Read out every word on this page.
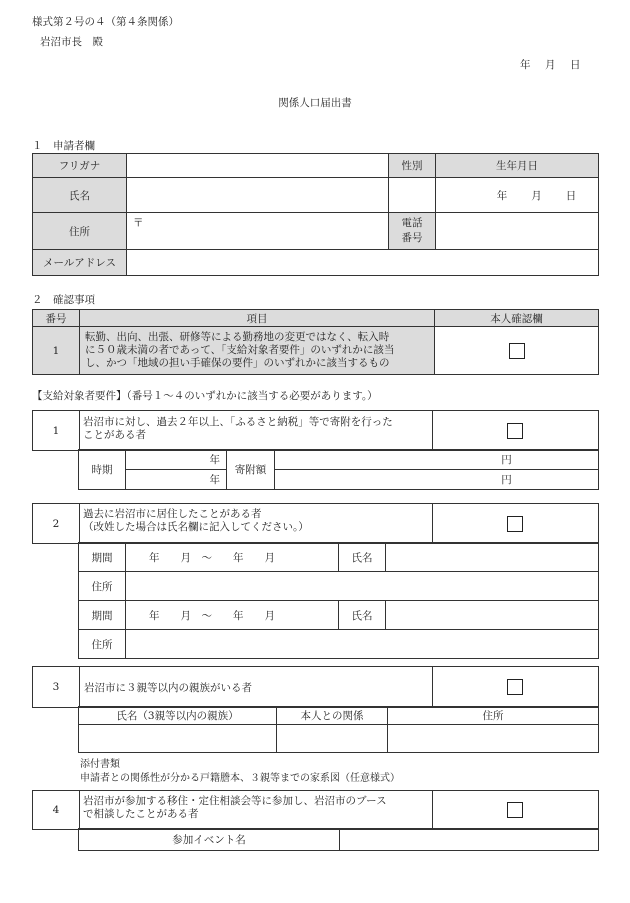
様式第２号の４（第４条関係）
岩沼市長　殿
年　月　日
関係人口届出書
１　申請者欄
フリガナ		性別	生年月日

氏名			年　　月　　日

住所	〒	電話
番号	

メールアドレス			

２　確認事項
番号	項目	本人確認欄

1	転勤、出向、出張、研修等による勤務地の変更ではなく、転入時
に５０歳未満の者であって、「支給対象者要件」のいずれかに該当
し、かつ「地域の担い手確保の要件」のいずれかに該当するもの	

【支給対象者要件】（番号１～４のいずれかに該当する必要があります。）
1
岩沼市に対し、過去２年以上、「ふるさと納税」等で寄附を行った
ことがある者
時期	年	寄附額	円

	年		円
2
過去に岩沼市に居住したことがある者
（改姓した場合は氏名欄に記入してください。）
期間	年　　月　～　　年　　月	氏名	

住所			

期間	年　　月　～　　年　　月	氏名	

住所			

3	岩沼市に３親等以内の親族がいる者
氏名（3親等以内の親族）	本人との関係	住所

添付書類
申請者との関係性が分かる戸籍謄本、３親等までの家系図（任意様式）
4
岩沼市が参加する移住・定住相談会等に参加し、岩沼市のブース
で相談したことがある者
参加イベント名
